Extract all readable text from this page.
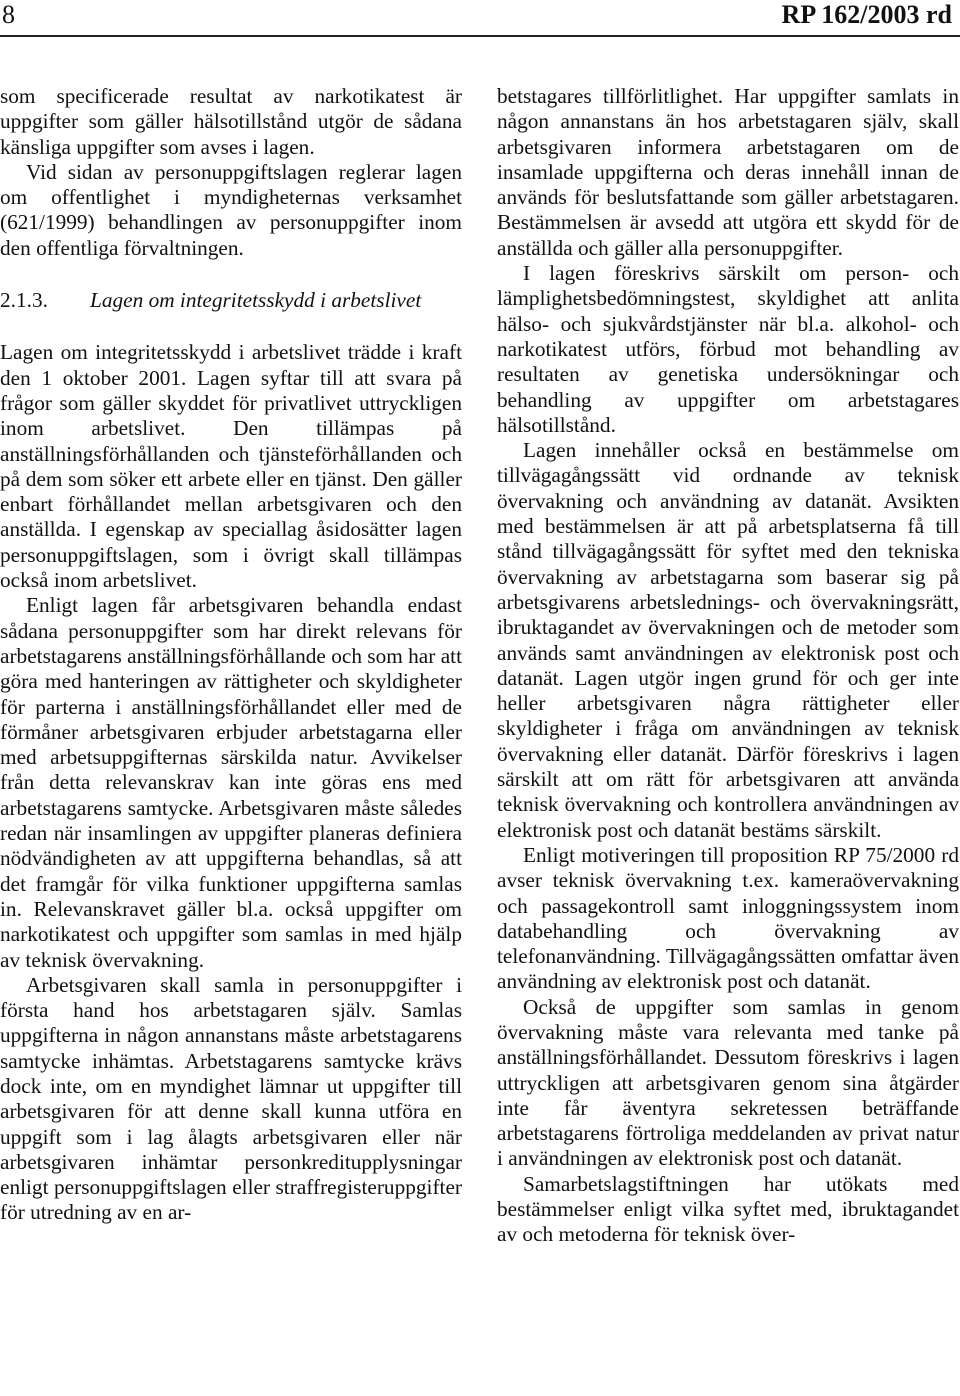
8	RP 162/2003 rd

som specificerade resultat av narkotikatest är uppgifter som gäller hälsotillstånd utgör de sådana känsliga uppgifter som avses i lagen.

Vid sidan av personuppgiftslagen reglerar lagen om offentlighet i myndigheternas verksamhet (621/1999) behandlingen av personuppgifter inom den offentliga förvaltningen.

2.1.3.	Lagen om integritetsskydd i arbetslivet

Lagen om integritetsskydd i arbetslivet trädde i kraft den 1 oktober 2001. Lagen syftar till att svara på frågor som gäller skyddet för privatlivet uttryckligen inom arbetslivet. Den tillämpas på anställningsförhållanden och tjänsteförhållanden och på dem som söker ett arbete eller en tjänst. Den gäller enbart förhållandet mellan arbetsgivaren och den anställda. I egenskap av speciallag åsidosätter lagen personuppgiftslagen, som i övrigt skall tillämpas också inom arbetslivet.

Enligt lagen får arbetsgivaren behandla endast sådana personuppgifter som har direkt relevans för arbetstagarens anställningsförhållande och som har att göra med hanteringen av rättigheter och skyldigheter för parterna i anställningsförhållandet eller med de förmåner arbetsgivaren erbjuder arbetstagarna eller med arbetsuppgifternas särskilda natur. Avvikelser från detta relevanskrav kan inte göras ens med arbetstagarens samtycke. Arbetsgivaren måste således redan när insamlingen av uppgifter planeras definiera nödvändigheten av att uppgifterna behandlas, så att det framgår för vilka funktioner uppgifterna samlas in. Relevanskravet gäller bl.a. också uppgifter om narkotikatest och uppgifter som samlas in med hjälp av teknisk övervakning.

Arbetsgivaren skall samla in personuppgifter i första hand hos arbetstagaren själv. Samlas uppgifterna in någon annanstans måste arbetstagarens samtycke inhämtas. Arbetstagarens samtycke krävs dock inte, om en myndighet lämnar ut uppgifter till arbetsgivaren för att denne skall kunna utföra en uppgift som i lag ålagts arbetsgivaren eller när arbetsgivaren inhämtar personkreditupplysningar enligt personuppgiftslagen eller straffregisteruppgifter för utredning av en ar-

betstagares tillförlitlighet. Har uppgifter samlats in någon annanstans än hos arbetstagaren själv, skall arbetsgivaren informera arbetstagaren om de insamlade uppgifterna och deras innehåll innan de används för beslutsfattande som gäller arbetstagaren. Bestämmelsen är avsedd att utgöra ett skydd för de anställda och gäller alla personuppgifter.

I lagen föreskrivs särskilt om person- och lämplighetsbedömningstest, skyldighet att anlita hälso- och sjukvårdstjänster när bl.a. alkohol- och narkotikatest utförs, förbud mot behandling av resultaten av genetiska undersökningar och behandling av uppgifter om arbetstagares hälsotillstånd.

Lagen innehåller också en bestämmelse om tillvägagångssätt vid ordnande av teknisk övervakning och användning av datanät. Avsikten med bestämmelsen är att på arbetsplatserna få till stånd tillvägagångssätt för syftet med den tekniska övervakning av arbetstagarna som baserar sig på arbetsgivarens arbetslednings- och övervakningsrätt, ibruktagandet av övervakningen och de metoder som används samt användningen av elektronisk post och datanät. Lagen utgör ingen grund för och ger inte heller arbetsgivaren några rättigheter eller skyldigheter i fråga om användningen av teknisk övervakning eller datanät. Därför föreskrivs i lagen särskilt att om rätt för arbetsgivaren att använda teknisk övervakning och kontrollera användningen av elektronisk post och datanät bestäms särskilt.

Enligt motiveringen till proposition RP 75/2000 rd avser teknisk övervakning t.ex. kameraövervakning och passagekontroll samt inloggningssystem inom databehandling och övervakning av telefonanvändning. Tillvägagångssätten omfattar även användning av elektronisk post och datanät.

Också de uppgifter som samlas in genom övervakning måste vara relevanta med tanke på anställningsförhållandet. Dessutom föreskrivs i lagen uttryckligen att arbetsgivaren genom sina åtgärder inte får äventyra sekretessen beträffande arbetstagarens förtroliga meddelanden av privat natur i användningen av elektronisk post och datanät.

Samarbetslagstiftningen har utökats med bestämmelser enligt vilka syftet med, ibruktagandet av och metoderna för teknisk över-
